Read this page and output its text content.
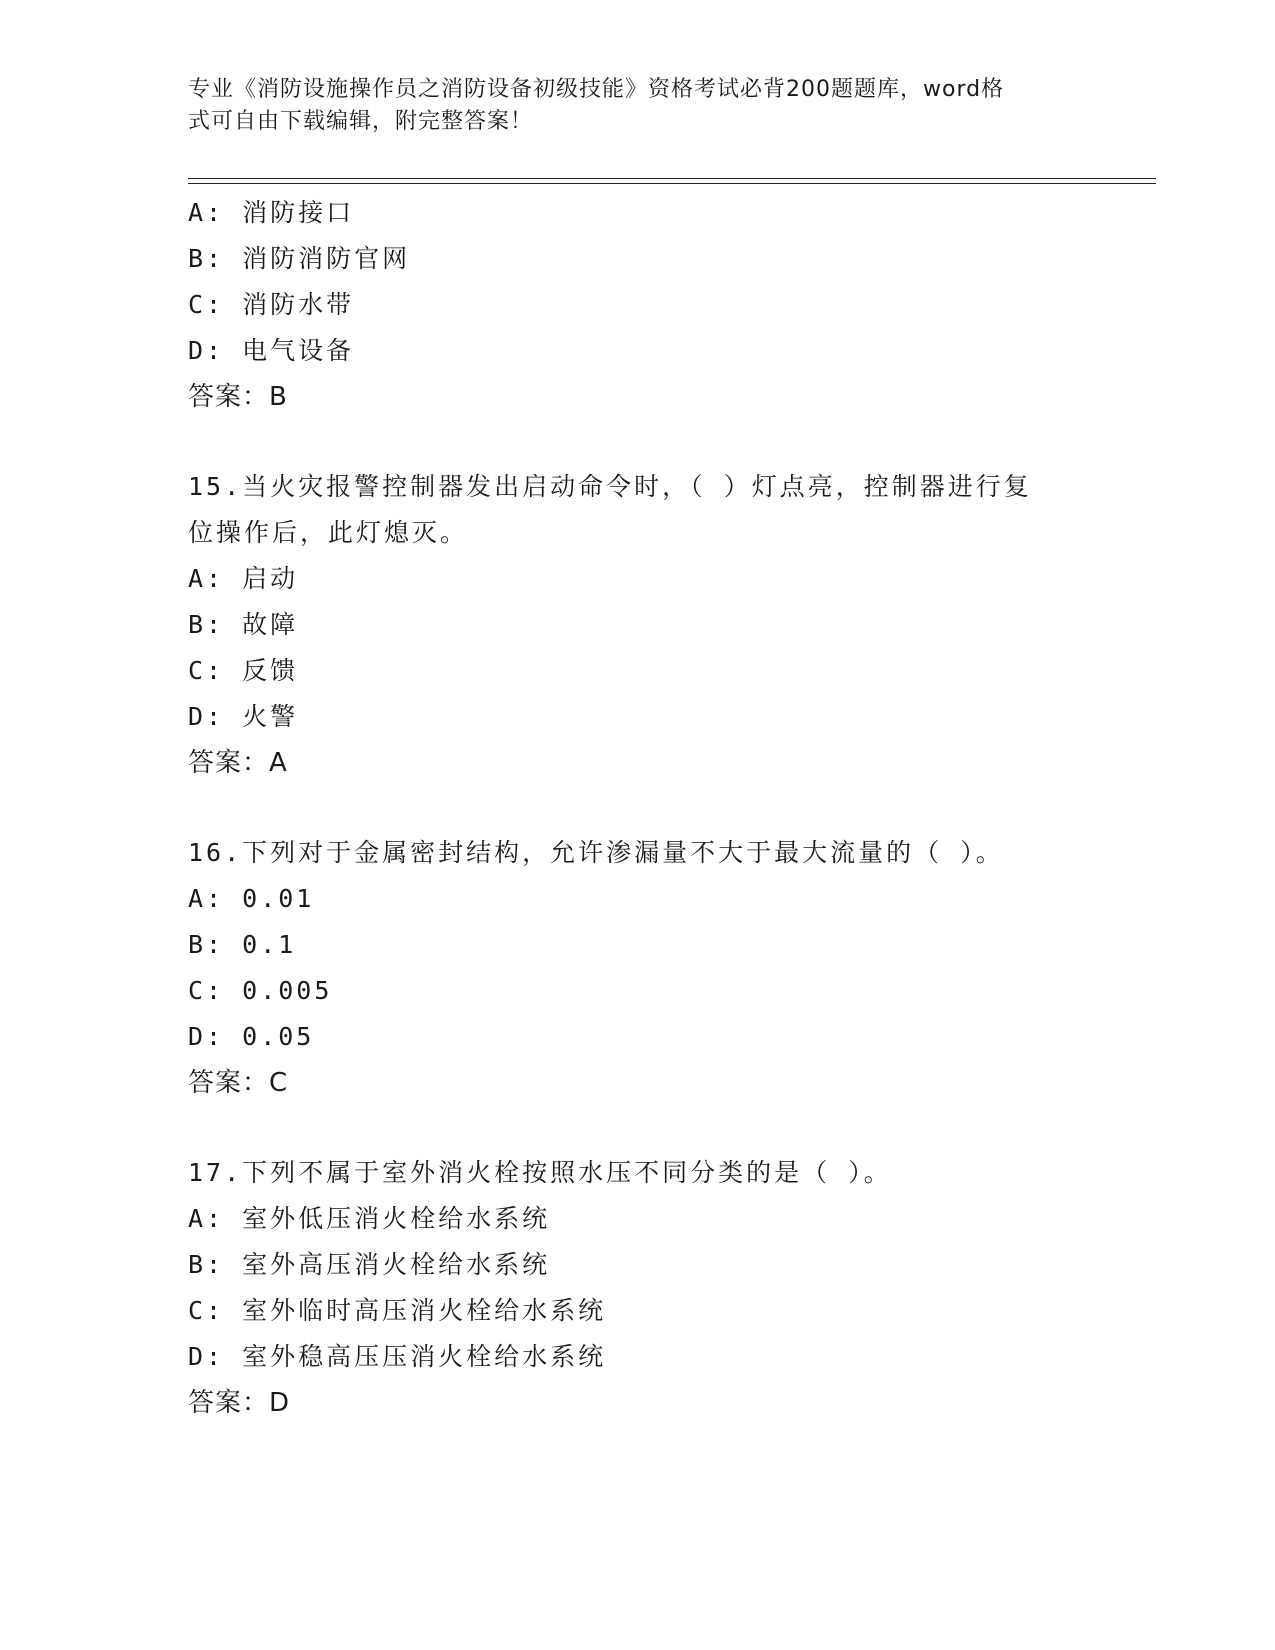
专业《消防设施操作员之消防设备初级技能》资格考试必背200题题库，word格
式可自由下载编辑，附完整答案！
A: 消防接口
B: 消防消防官网
C: 消防水带
D: 电气设备
答案：B
15.当火灾报警控制器发出启动命令时，（ ）灯点亮，控制器进行复
位操作后，此灯熄灭。
A: 启动
B: 故障
C: 反馈
D: 火警
答案：A
16.下列对于金属密封结构，允许渗漏量不大于最大流量的（ ）。
A: 0.01
B: 0.1
C: 0.005
D: 0.05
答案：C
17.下列不属于室外消火栓按照水压不同分类的是（ ）。
A: 室外低压消火栓给水系统
B: 室外高压消火栓给水系统
C: 室外临时高压消火栓给水系统
D: 室外稳高压压消火栓给水系统
答案：D
